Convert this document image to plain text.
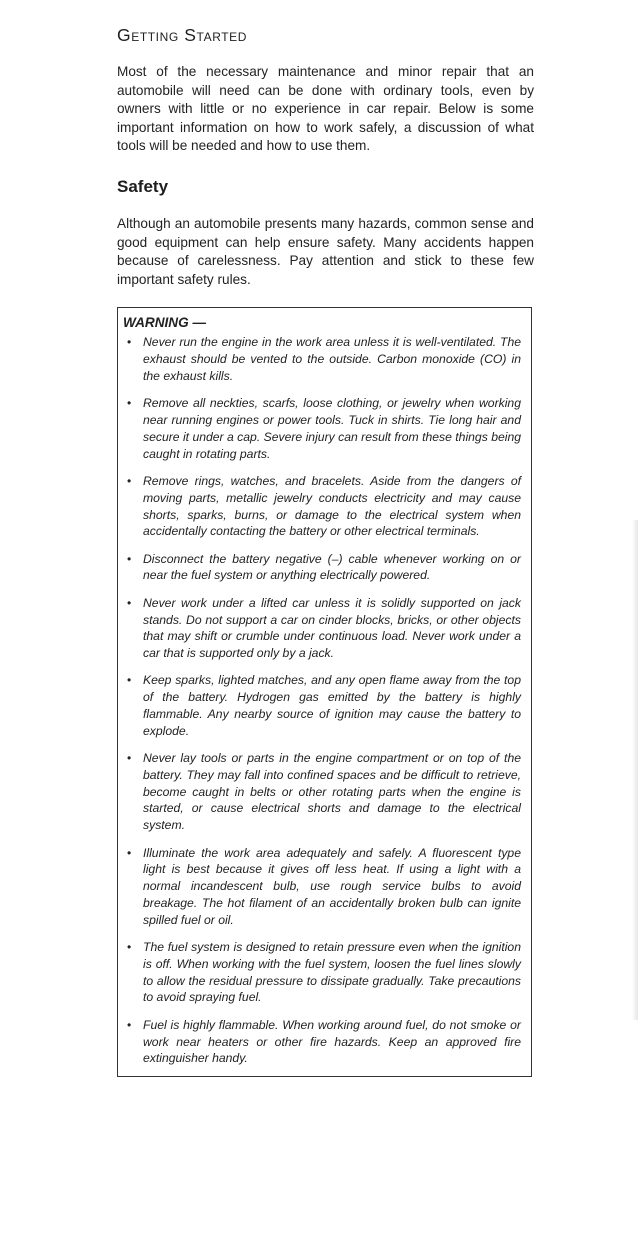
Getting Started

Most of the necessary maintenance and minor repair that an automobile will need can be done with ordinary tools, even by owners with little or no experience in car repair. Below is some important information on how to work safely, a discussion of what tools will be needed and how to use them.

Safety

Although an automobile presents many hazards, common sense and good equipment can help ensure safety. Many accidents happen because of carelessness. Pay attention and stick to these few important safety rules.

WARNING —
• Never run the engine in the work area unless it is well-ventilated. The exhaust should be vented to the outside. Carbon monoxide (CO) in the exhaust kills.
• Remove all neckties, scarfs, loose clothing, or jewelry when working near running engines or power tools. Tuck in shirts. Tie long hair and secure it under a cap. Severe injury can result from these things being caught in rotating parts.
• Remove rings, watches, and bracelets. Aside from the dangers of moving parts, metallic jewelry conducts electricity and may cause shorts, sparks, burns, or damage to the electrical system when accidentally contacting the battery or other electrical terminals.
• Disconnect the battery negative (–) cable whenever working on or near the fuel system or anything electrically powered.
• Never work under a lifted car unless it is solidly supported on jack stands. Do not support a car on cinder blocks, bricks, or other objects that may shift or crumble under continuous load. Never work under a car that is supported only by a jack.
• Keep sparks, lighted matches, and any open flame away from the top of the battery. Hydrogen gas emitted by the battery is highly flammable. Any nearby source of ignition may cause the battery to explode.
• Never lay tools or parts in the engine compartment or on top of the battery. They may fall into confined spaces and be difficult to retrieve, become caught in belts or other rotating parts when the engine is started, or cause electrical shorts and damage to the electrical system.
• Illuminate the work area adequately and safely. A fluorescent type light is best because it gives off less heat. If using a light with a normal incandescent bulb, use rough service bulbs to avoid breakage. The hot filament of an accidentally broken bulb can ignite spilled fuel or oil.
• The fuel system is designed to retain pressure even when the ignition is off. When working with the fuel system, loosen the fuel lines slowly to allow the residual pressure to dissipate gradually. Take precautions to avoid spraying fuel.
• Fuel is highly flammable. When working around fuel, do not smoke or work near heaters or other fire hazards. Keep an approved fire extinguisher handy.
